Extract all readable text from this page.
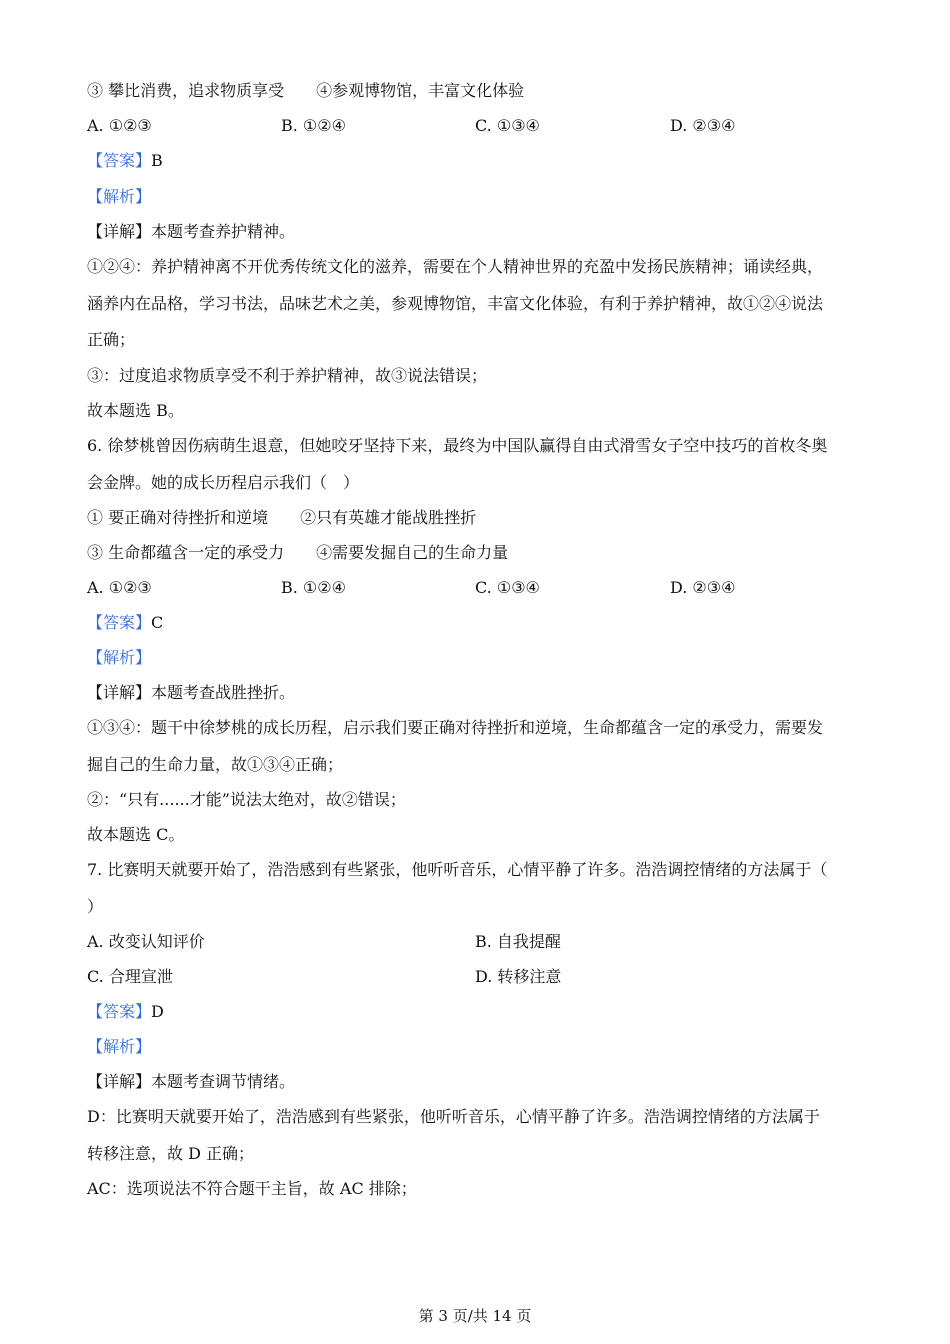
③ 攀比消费，追求物质享受　　④参观博物馆，丰富文化体验
A. ①②③	B. ①②④	C. ①③④	D. ②③④
【答案】B
【解析】
【详解】本题考查养护精神。
①②④：养护精神离不开优秀传统文化的滋养，需要在个人精神世界的充盈中发扬民族精神；诵读经典，
涵养内在品格，学习书法，品味艺术之美，参观博物馆，丰富文化体验，有利于养护精神，故①②④说法
正确；
③：过度追求物质享受不利于养护精神，故③说法错误；
故本题选 B。
6. 徐梦桃曾因伤病萌生退意，但她咬牙坚持下来，最终为中国队赢得自由式滑雪女子空中技巧的首枚冬奥
会金牌。她的成长历程启示我们（　）
① 要正确对待挫折和逆境　　②只有英雄才能战胜挫折
③ 生命都蕴含一定的承受力　　④需要发掘自己的生命力量
A. ①②③	B. ①②④	C. ①③④	D. ②③④
【答案】C
【解析】
【详解】本题考查战胜挫折。
①③④：题干中徐梦桃的成长历程，启示我们要正确对待挫折和逆境，生命都蕴含一定的承受力，需要发
掘自己的生命力量，故①③④正确；
②：“只有......才能”说法太绝对，故②错误；
故本题选 C。
7. 比赛明天就要开始了，浩浩感到有些紧张，他听听音乐，心情平静了许多。浩浩调控情绪的方法属于（
）
A. 改变认知评价	B. 自我提醒
C. 合理宣泄	D. 转移注意
【答案】D
【解析】
【详解】本题考查调节情绪。
D：比赛明天就要开始了，浩浩感到有些紧张，他听听音乐，心情平静了许多。浩浩调控情绪的方法属于
转移注意，故 D 正确；
AC：选项说法不符合题干主旨，故 AC 排除；
第 3 页/共 14 页
